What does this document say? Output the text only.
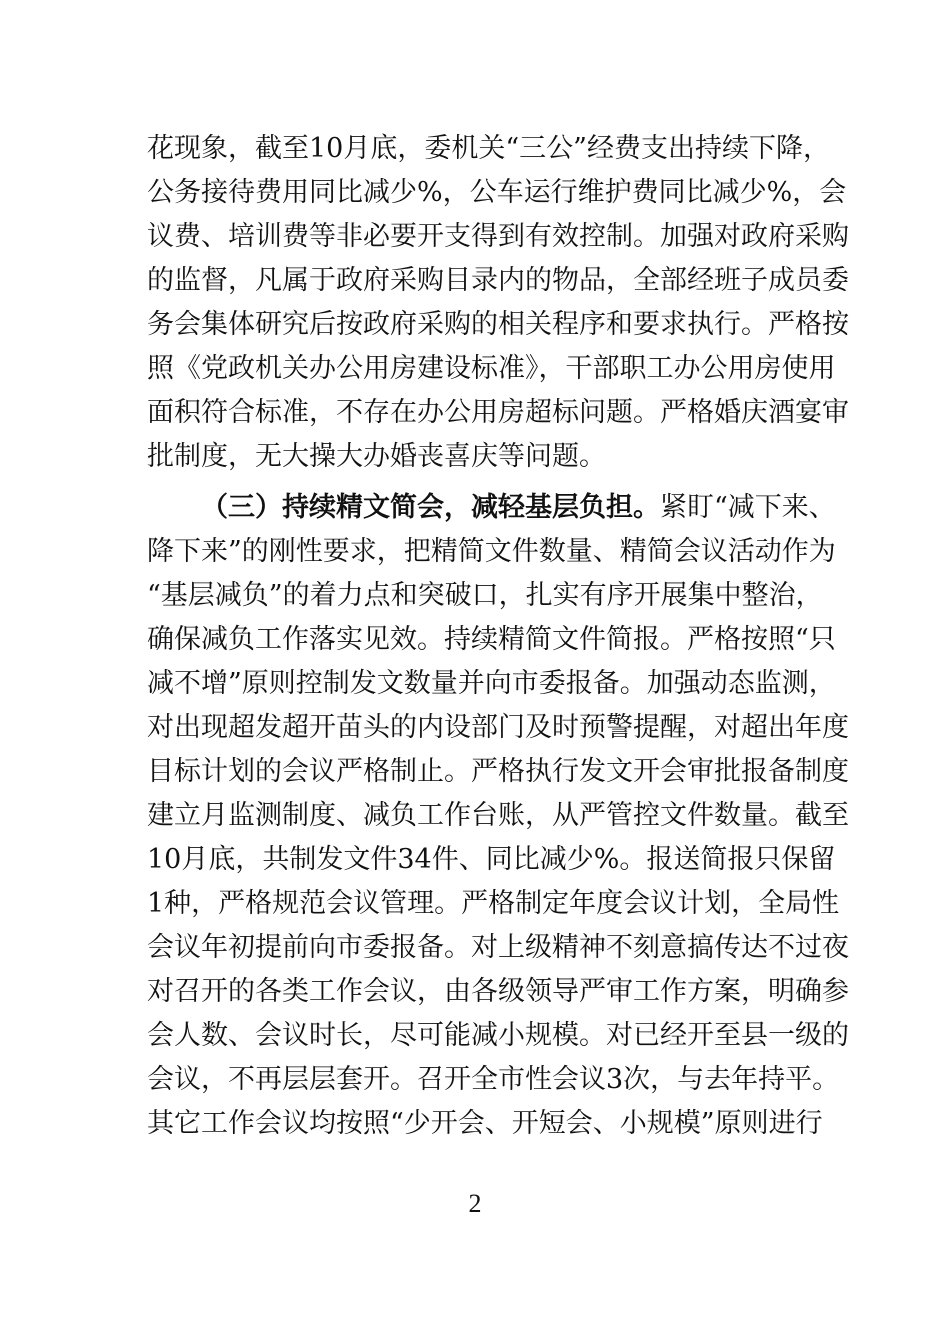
花现象，截至10月底，委机关“三公”经费支出持续下降，
公务接待费用同比减少%，公车运行维护费同比减少%，会
议费、培训费等非必要开支得到有效控制。加强对政府采购
的监督，凡属于政府采购目录内的物品，全部经班子成员委
务会集体研究后按政府采购的相关程序和要求执行。严格按
照《党政机关办公用房建设标准》，干部职工办公用房使用
面积符合标准，不存在办公用房超标问题。严格婚庆酒宴审
批制度，无大操大办婚丧喜庆等问题。
（三）持续精文简会，减轻基层负担。紧盯“减下来、
降下来”的刚性要求，把精简文件数量、精简会议活动作为
“基层减负”的着力点和突破口，扎实有序开展集中整治，
确保减负工作落实见效。持续精简文件简报。严格按照“只
减不增”原则控制发文数量并向市委报备。加强动态监测，
对出现超发超开苗头的内设部门及时预警提醒，对超出年度
目标计划的会议严格制止。严格执行发文开会审批报备制度
建立月监测制度、减负工作台账，从严管控文件数量。截至
10月底，共制发文件34件、同比减少%。报送简报只保留
1种，严格规范会议管理。严格制定年度会议计划，全局性
会议年初提前向市委报备。对上级精神不刻意搞传达不过夜
对召开的各类工作会议，由各级领导严审工作方案，明确参
会人数、会议时长，尽可能减小规模。对已经开至县一级的
会议，不再层层套开。召开全市性会议3次，与去年持平。
其它工作会议均按照“少开会、开短会、小规模”原则进行
2
